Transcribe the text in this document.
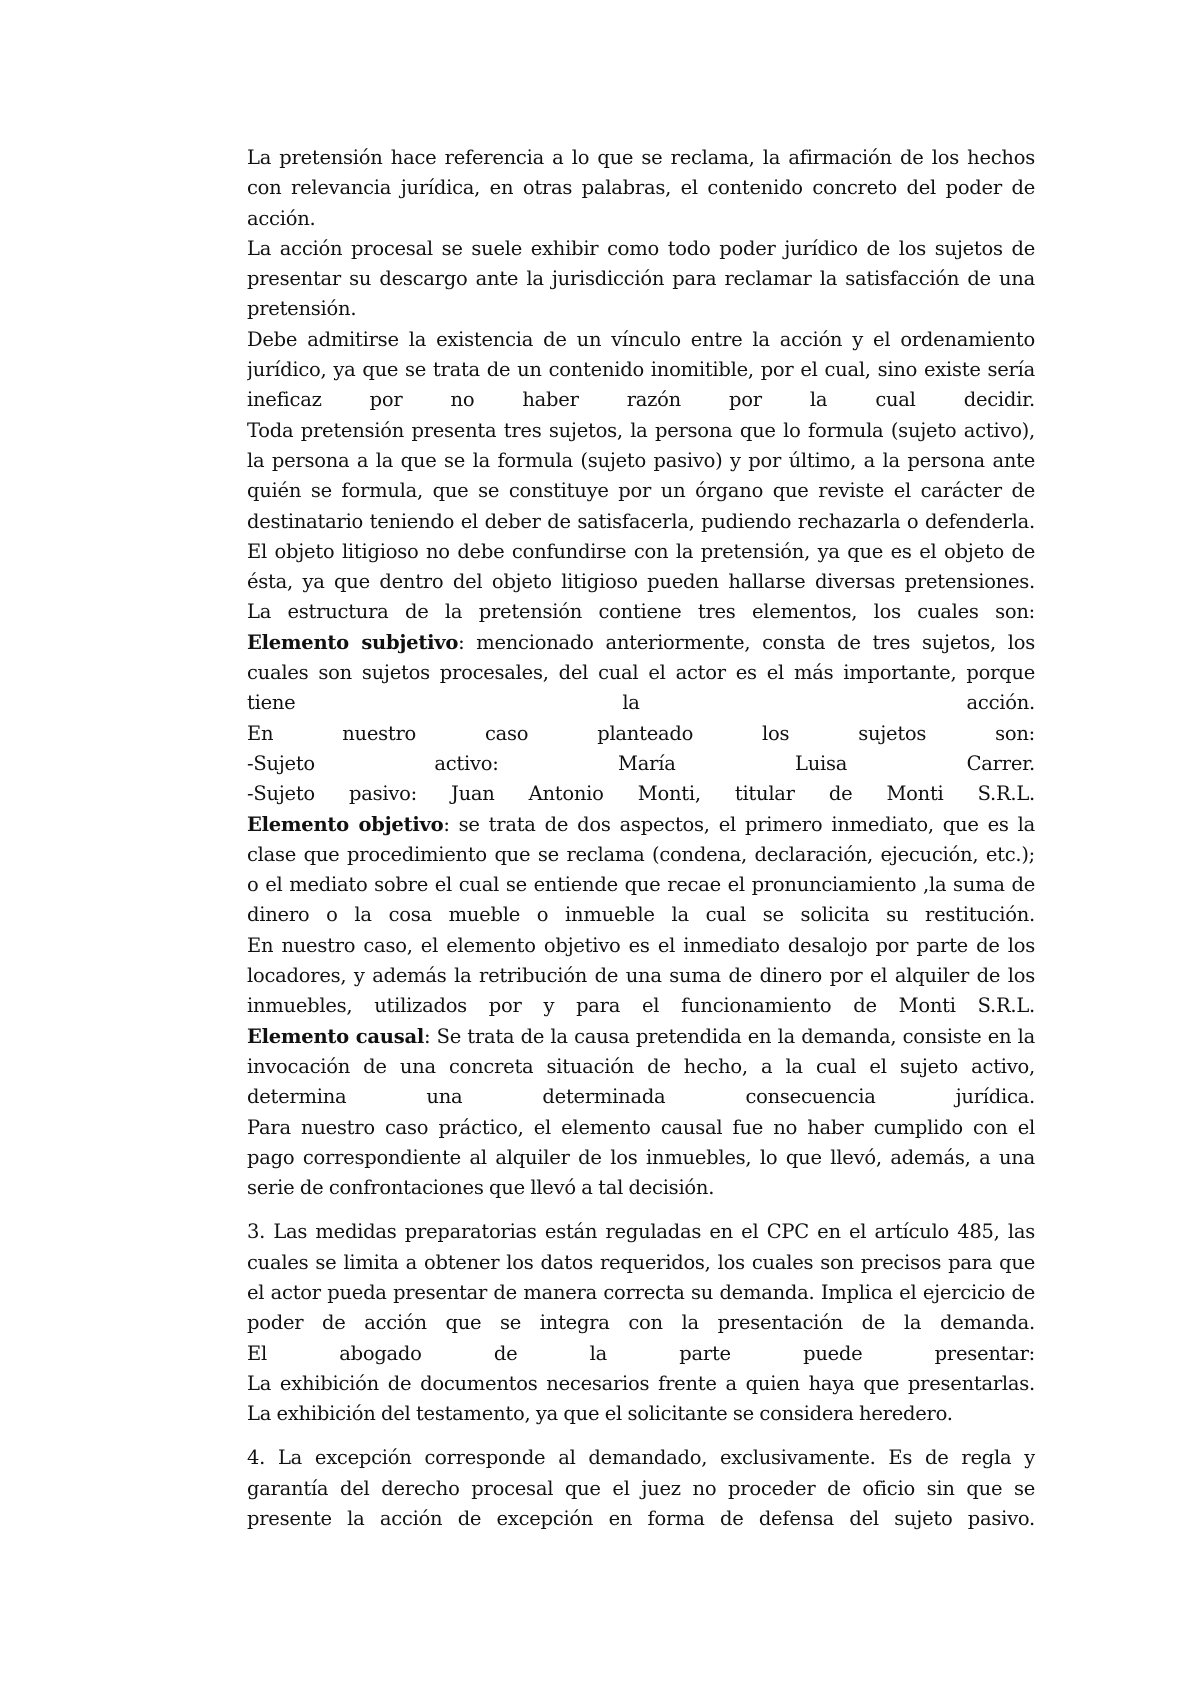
La pretensión hace referencia a lo que se reclama, la afirmación de los hechos
con relevancia jurídica, en otras palabras, el contenido concreto del poder de
acción.
La acción procesal se suele exhibir como todo poder jurídico de los sujetos de
presentar su descargo ante la jurisdicción para reclamar la satisfacción de una
pretensión.
Debe admitirse la existencia de un vínculo entre la acción y el ordenamiento
jurídico, ya que se trata de un contenido inomitible, por el cual, sino existe sería
ineficaz por no haber razón por la cual decidir.
Toda pretensión presenta tres sujetos, la persona que lo formula (sujeto activo),
la persona a la que se la formula (sujeto pasivo) y por último, a la persona ante
quién se formula, que se constituye por un órgano que reviste el carácter de
destinatario teniendo el deber de satisfacerla, pudiendo rechazarla o defenderla.
El objeto litigioso no debe confundirse con la pretensión, ya que es el objeto de
ésta, ya que dentro del objeto litigioso pueden hallarse diversas pretensiones.
La estructura de la pretensión contiene tres elementos, los cuales son:
Elemento subjetivo: mencionado anteriormente, consta de tres sujetos, los
cuales son sujetos procesales, del cual el actor es el más importante, porque
tiene la acción.
En nuestro caso planteado los sujetos son:
-Sujeto activo: María Luisa Carrer.
-Sujeto pasivo: Juan Antonio Monti, titular de Monti S.R.L.
Elemento objetivo: se trata de dos aspectos, el primero inmediato, que es la
clase que procedimiento que se reclama (condena, declaración, ejecución, etc.);
o el mediato sobre el cual se entiende que recae el pronunciamiento ,la suma de
dinero o la cosa mueble o inmueble la cual se solicita su restitución.
En nuestro caso, el elemento objetivo es el inmediato desalojo por parte de los
locadores, y además la retribución de una suma de dinero por el alquiler de los
inmuebles, utilizados por y para el funcionamiento de Monti S.R.L.
Elemento causal: Se trata de la causa pretendida en la demanda, consiste en la
invocación de una concreta situación de hecho, a la cual el sujeto activo,
determina una determinada consecuencia jurídica.
Para nuestro caso práctico, el elemento causal fue no haber cumplido con el
pago correspondiente al alquiler de los inmuebles, lo que llevó, además, a una
serie de confrontaciones que llevó a tal decisión.
3. Las medidas preparatorias están reguladas en el CPC en el artículo 485, las
cuales se limita a obtener los datos requeridos, los cuales son precisos para que
el actor pueda presentar de manera correcta su demanda. Implica el ejercicio de
poder de acción que se integra con la presentación de la demanda.
El abogado de la parte puede presentar:
La exhibición de documentos necesarios frente a quien haya que presentarlas.
La exhibición del testamento, ya que el solicitante se considera heredero.
4. La excepción corresponde al demandado, exclusivamente. Es de regla y
garantía del derecho procesal que el juez no proceder de oficio sin que se
presente la acción de excepción en forma de defensa del sujeto pasivo.
